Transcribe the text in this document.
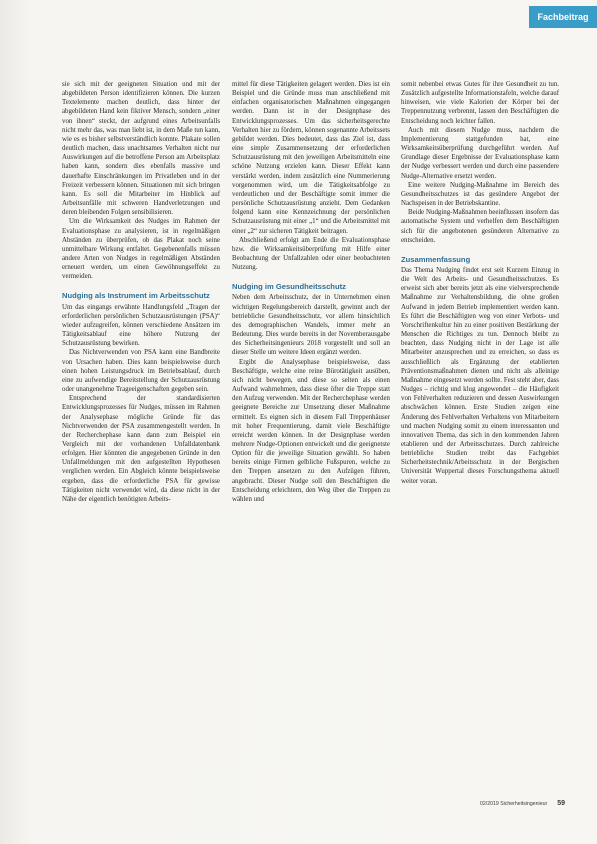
Fachbeitrag

sie sich mit der geeigneten Situation und mit der abgebildeten Person identifizieren können. Die kurzen Textelemente machen deutlich, dass hinter der abgebildeten Hand kein fiktiver Mensch, sondern „einer von ihnen“ steckt, der aufgrund eines Arbeitsunfalls nicht mehr das, was man liebt ist, in dem Maße tun kann, wie es es bisher selbstverständlich konnte. Plakate sollen deutlich machen, dass unachtsames Verhalten nicht nur Auswirkungen auf die betroffene Person am Arbeitsplatz haben kann, sondern dies ebenfalls massive und dauerhafte Einschränkungen im Privatleben und in der Freizeit verbessern können. Situationen mit sich bringen kann. Es soll die Mitarbeiter im Hinblick auf Arbeitsunfälle mit schweren Handverletzungen und deren bleibenden Folgen sensibilisieren.

Um die Wirksamkeit des Nudges im Rahmen der Evaluationsphase zu analysieren, ist in regelmäßigen Abständen zu überprüfen, ob das Plakat noch seine unmittelbare Wirkung entfaltet. Gegebenenfalls müssen andere Arten von Nudges in regelmäßigen Abständen erneuert werden, um einen Gewöhnungseffekt zu vermeiden.

Nudging als Instrument im Arbeitsschutz

Um das eingangs erwähnte Handlungsfeld „Tragen der erforderlichen persönlichen Schutzausrüstungen (PSA)“ wieder aufzugreifen, können verschiedene Ansätzen im Tätigkeitsablauf eine höhere Nutzung der Schutzausrüstung bewirken.

Das Nichtverwenden von PSA kann eine Bandbreite von Ursachen haben. Dies kann beispielsweise durch einen hohen Leistungsdruck im Betriebsablauf, durch eine zu aufwendige Bereitstellung der Schutzausrüstung oder unangenehme Trageeigenschaften gegeben sein.

Entsprechend der standardisierten Entwicklungsprozesses für Nudges, müssen im Rahmen der Analysephase mögliche Gründe für das Nichtverwenden der PSA zusammengestellt werden. In der Recherchephase kann dann zum Beispiel ein Vergleich mit der vorhandenen Unfalldatenbank erfolgen. Hier könnten die angegebenen Gründe in den Unfallmeldungen mit den aufgestellten Hypothesen verglichen werden. Ein Abgleich könnte beispielsweise ergeben, dass die erforderliche PSA für gewisse Tätigkeiten nicht verwendet wird, da diese nicht in der Nähe der eigentlich benötigten Arbeits-

mittel für diese Tätigkeiten gelagert werden. Dies ist ein Beispiel und die Gründe muss man anschließend mit einfachen organisatorischen Maßnahmen eingegangen werden. Dann ist in der Designphase des Entwicklungsprozesses. Um das sicherheitsgerechte Verhalten hier zu fördern, können sogenannte Arbeitssets gebildet werden. Dies bedeutet, dass das Ziel ist, dass eine simple Zusammensetzung der erforderlichen Schutzausrüstung mit den jeweiligen Arbeitsmitteln eine schöne Nutzung erzielen kann. Dieser Effekt kann verstärkt werden, indem zusätzlich eine Nummerierung vorgenommen wird, um die Tätigkeitsabfolge zu verdeutlichen und der Beschäftigte somit immer die persönliche Schutzausrüstung anzieht. Dem Gedanken folgend kann eine Kennzeichnung der persönlichen Schutzausrüstung mit einer „1“ und die Arbeitsmittel mit einer „2“ zur sicheren Tätigkeit beitragen.

Abschließend erfolgt am Ende die Evaluationsphase bzw. die Wirksamkeitsüberprüfung mit Hilfe einer Beobachtung der Unfallzahlen oder einer beobachteten Nutzung.

Nudging im Gesundheitsschutz

Neben dem Arbeitsschutz, der in Unternehmen einen wichtigen Regelungsbereich darstellt, gewinnt auch der betriebliche Gesundheitsschutz, vor allem hinsichtlich des demographischen Wandels, immer mehr an Bedeutung. Dies wurde bereits in der Novemberausgabe des Sicherheitsingenieurs 2018 vorgestellt und soll an dieser Stelle um weitere Ideen ergänzt werden.

Ergibt die Analysephase beispielsweise, dass Beschäftigte, welche eine reine Bürotätigkeit ausüben, sich nicht bewegen, und diese so selten als einen Aufwand wahrnehmen, dass diese öfter die Treppe statt den Aufzug verwenden. Mit der Recherchephase werden geeignete Bereiche zur Umsetzung dieser Maßnahme ermittelt. Es eignen sich in diesem Fall Treppenhäuser mit hoher Frequentierung, damit viele Beschäftigte erreicht werden können. In der Designphase werden mehrere Nudge-Optionen entwickelt und die geeignetste Option für die jeweilige Situation gewählt. So haben bereits einige Firmen gelbliche Fußspuren, welche zu den Treppen ansetzen zu den Aufzügen führen, angebracht. Dieser Nudge soll den Beschäftigten die Entscheidung erleichtern, den Weg über die Treppen zu wählen und

somit nebenbei etwas Gutes für ihre Gesundheit zu tun. Zusätzlich aufgestellte Informationstafeln, welche darauf hinweisen, wie viele Kalorien der Körper bei der Treppennutzung verbrennt, lassen den Beschäftigten die Entscheidung noch leichter fallen.

Auch mit diesem Nudge muss, nachdem die Implementierung stattgefunden hat, eine Wirksamkeitsüberprüfung durchgeführt werden. Auf Grundlage dieser Ergebnisse der Evaluationsphase kann der Nudge verbessert werden und durch eine passendere Nudge-Alternative ersetzt werden.

Eine weitere Nudging-Maßnahme im Bereich des Gesundheitsschutzes ist das gesündere Angebot der Nachspeisen in der Betriebskantine.

Beide Nudging-Maßnahmen beeinflussen insofern das automatische System und verhelfen dem Beschäftigten sich für die angebotenen gesünderen Alternative zu entscheiden.

Zusammenfassung

Das Thema Nudging findet erst seit Kurzem Einzug in die Welt des Arbeits- und Gesundheitsschutzes. Es erweist sich aber bereits jetzt als eine vielversprechende Maßnahme zur Verhaltensbildung, die ohne großen Aufwand in jedem Betrieb implementiert werden kann. Es führt die Beschäftigten weg von einer Verbots- und Vorschriftenkultur hin zu einer positiven Bestärkung der Menschen die Richtiges zu tun. Dennoch bleibt zu beachten, dass Nudging nicht in der Lage ist alle Mitarbeiter anzusprechen und zu erreichen, so dass es ausschließlich als Ergänzung der etablierten Präventionsmaßnahmen dienen und nicht als alleinige Maßnahme eingesetzt werden sollte. Fest steht aber, dass Nudges – richtig und klug angewendet – die Häufigkeit von Fehlverhalten reduzieren und dessen Auswirkungen abschwächen können. Erste Studien zeigen eine Änderung des Fehlverhalten Verhaltens von Mitarbeitern und machen Nudging somit zu einem interessanten und innovativen Thema, das sich in den kommenden Jahren etablieren und der Arbeitsschutzes. Durch zahlreiche betriebliche Studien treibt das Fachgebiet Sicherheitstechnik/Arbeitsschutz in der Bergischen Universität Wuppertal dieses Forschungsthema aktuell weiter voran.

02/2019 Sicherheitsingenieur 59
